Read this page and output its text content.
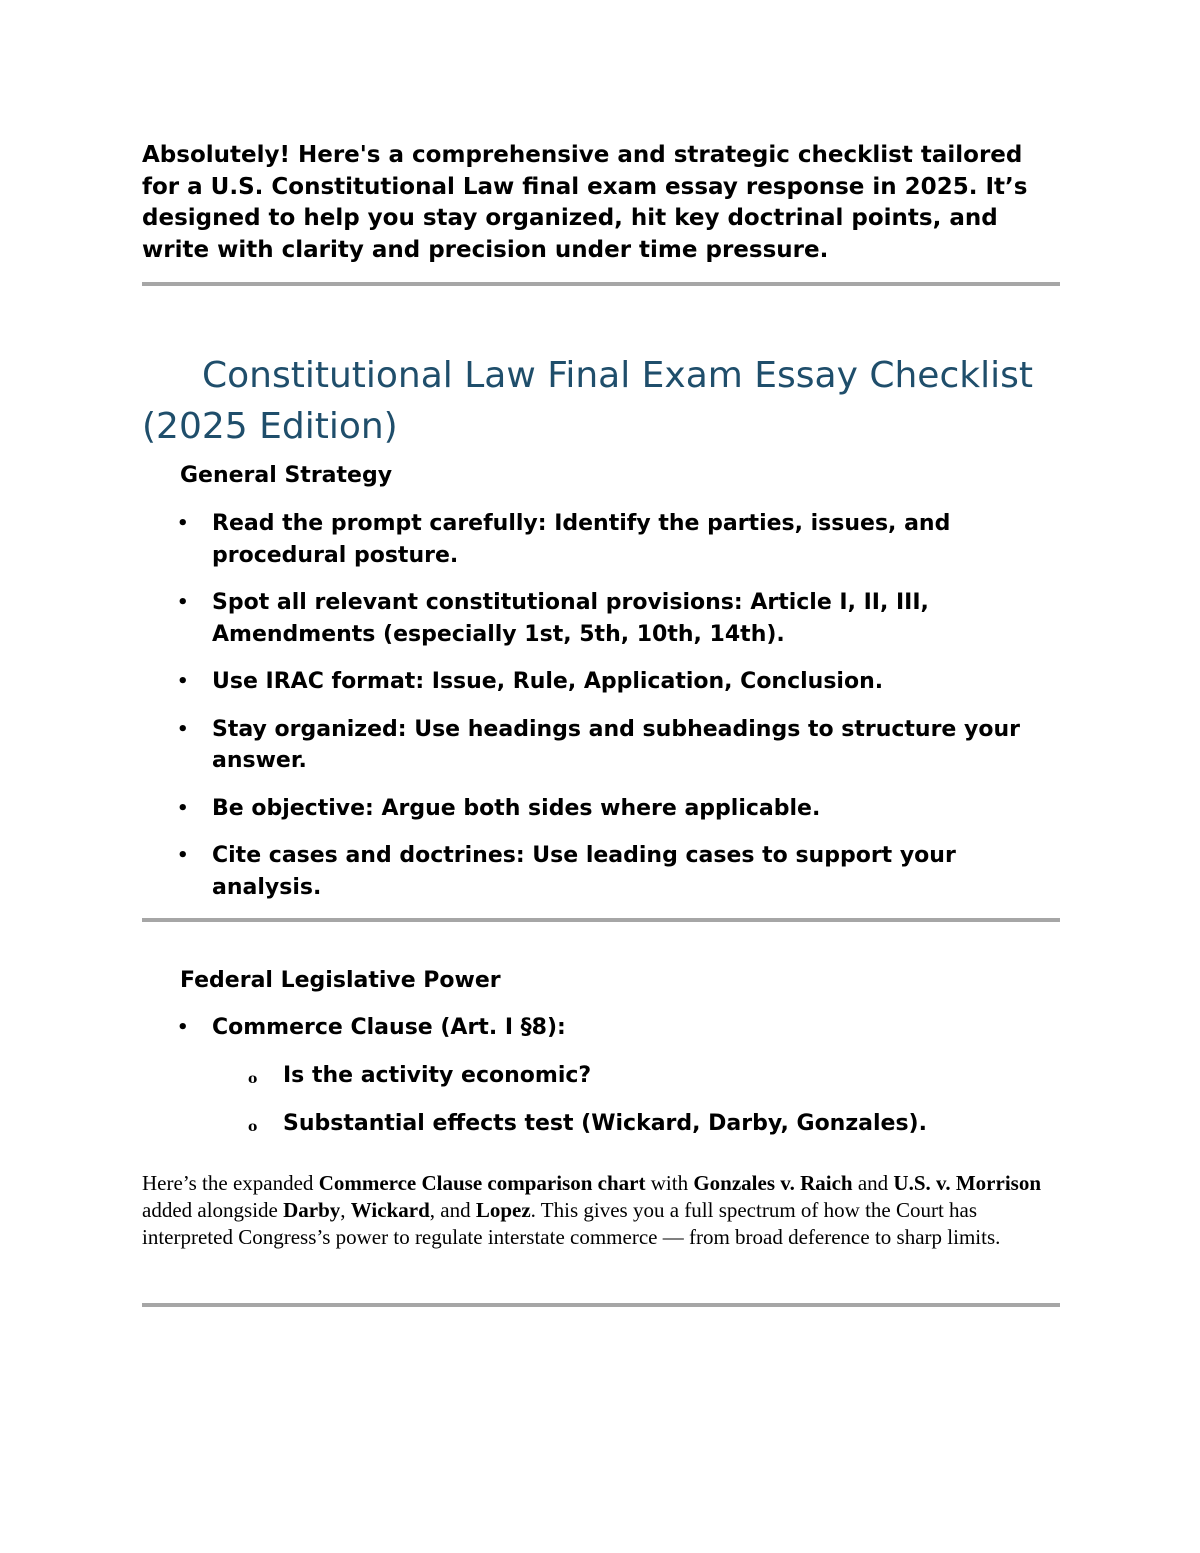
Absolutely! Here's a comprehensive and strategic checklist tailored for a U.S. Constitutional Law final exam essay response in 2025. It’s designed to help you stay organized, hit key doctrinal points, and write with clarity and precision under time pressure.

Constitutional Law Final Exam Essay Checklist (2025 Edition)
General Strategy
• Read the prompt carefully: Identify the parties, issues, and procedural posture.
• Spot all relevant constitutional provisions: Article I, II, III, Amendments (especially 1st, 5th, 10th, 14th).
• Use IRAC format: Issue, Rule, Application, Conclusion.
• Stay organized: Use headings and subheadings to structure your answer.
• Be objective: Argue both sides where applicable.
• Cite cases and doctrines: Use leading cases to support your analysis.
Federal Legislative Power
• Commerce Clause (Art. I §8):
o Is the activity economic?
o Substantial effects test (Wickard, Darby, Gonzales).

Here’s the expanded Commerce Clause comparison chart with Gonzales v. Raich and U.S. v. Morrison added alongside Darby, Wickard, and Lopez. This gives you a full spectrum of how the Court has interpreted Congress’s power to regulate interstate commerce — from broad deference to sharp limits.
